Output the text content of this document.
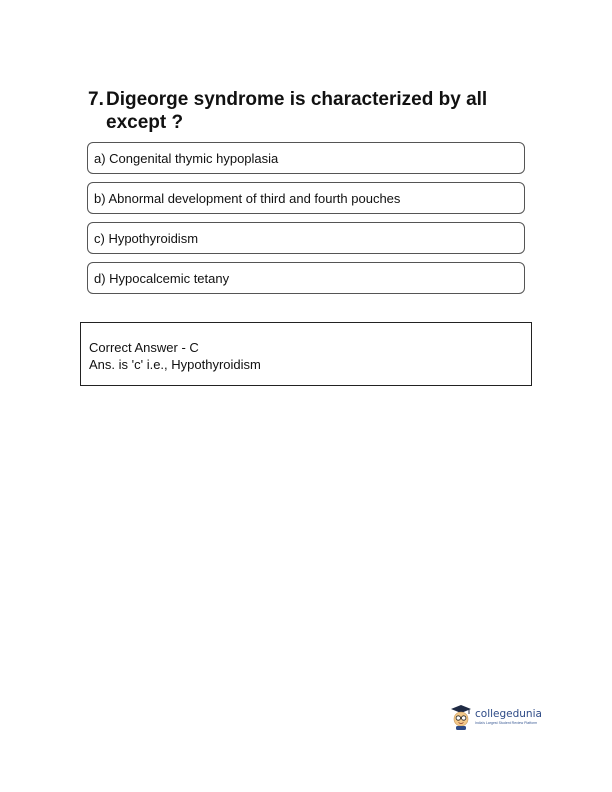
7. Digeorge syndrome is characterized by all except ?
a) Congenital thymic hypoplasia
b) Abnormal development of third and fourth pouches
c) Hypothyroidism
d) Hypocalcemic tetany
Correct Answer - C
Ans. is 'c' i.e., Hypothyroidism
collegedunia
India's Largest Student Review Platform
